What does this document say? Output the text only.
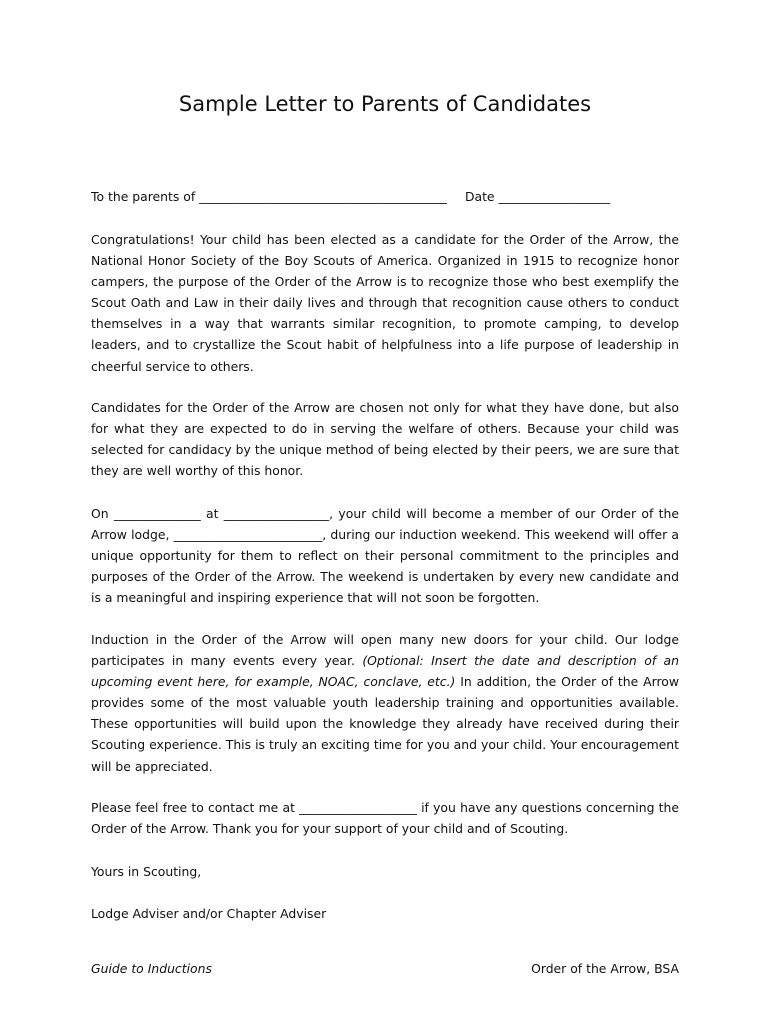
Sample Letter to Parents of Candidates
To the parents of ________________________________________ Date __________________

Congratulations! Your child has been elected as a candidate for the Order of the Arrow, the National Honor Society of the Boy Scouts of America. Organized in 1915 to recognize honor campers, the purpose of the Order of the Arrow is to recognize those who best exemplify the Scout Oath and Law in their daily lives and through that recognition cause others to conduct themselves in a way that warrants similar recognition, to promote camping, to develop leaders, and to crystallize the Scout habit of helpfulness into a life purpose of leadership in cheerful service to others.

Candidates for the Order of the Arrow are chosen not only for what they have done, but also for what they are expected to do in serving the welfare of others. Because your child was selected for candidacy by the unique method of being elected by their peers, we are sure that they are well worthy of this honor.

On ______________ at _________________, your child will become a member of our Order of the Arrow lodge, ________________________, during our induction weekend. This weekend will offer a unique opportunity for them to reflect on their personal commitment to the principles and purposes of the Order of the Arrow. The weekend is undertaken by every new candidate and is a meaningful and inspiring experience that will not soon be forgotten.

Induction in the Order of the Arrow will open many new doors for your child. Our lodge participates in many events every year. (Optional: Insert the date and description of an upcoming event here, for example, NOAC, conclave, etc.) In addition, the Order of the Arrow provides some of the most valuable youth leadership training and opportunities available. These opportunities will build upon the knowledge they already have received during their Scouting experience. This is truly an exciting time for you and your child. Your encouragement will be appreciated.

Please feel free to contact me at ___________________ if you have any questions concerning the Order of the Arrow. Thank you for your support of your child and of Scouting.

Yours in Scouting,
Lodge Adviser and/or Chapter Adviser
Guide to Inductions	Order of the Arrow, BSA
